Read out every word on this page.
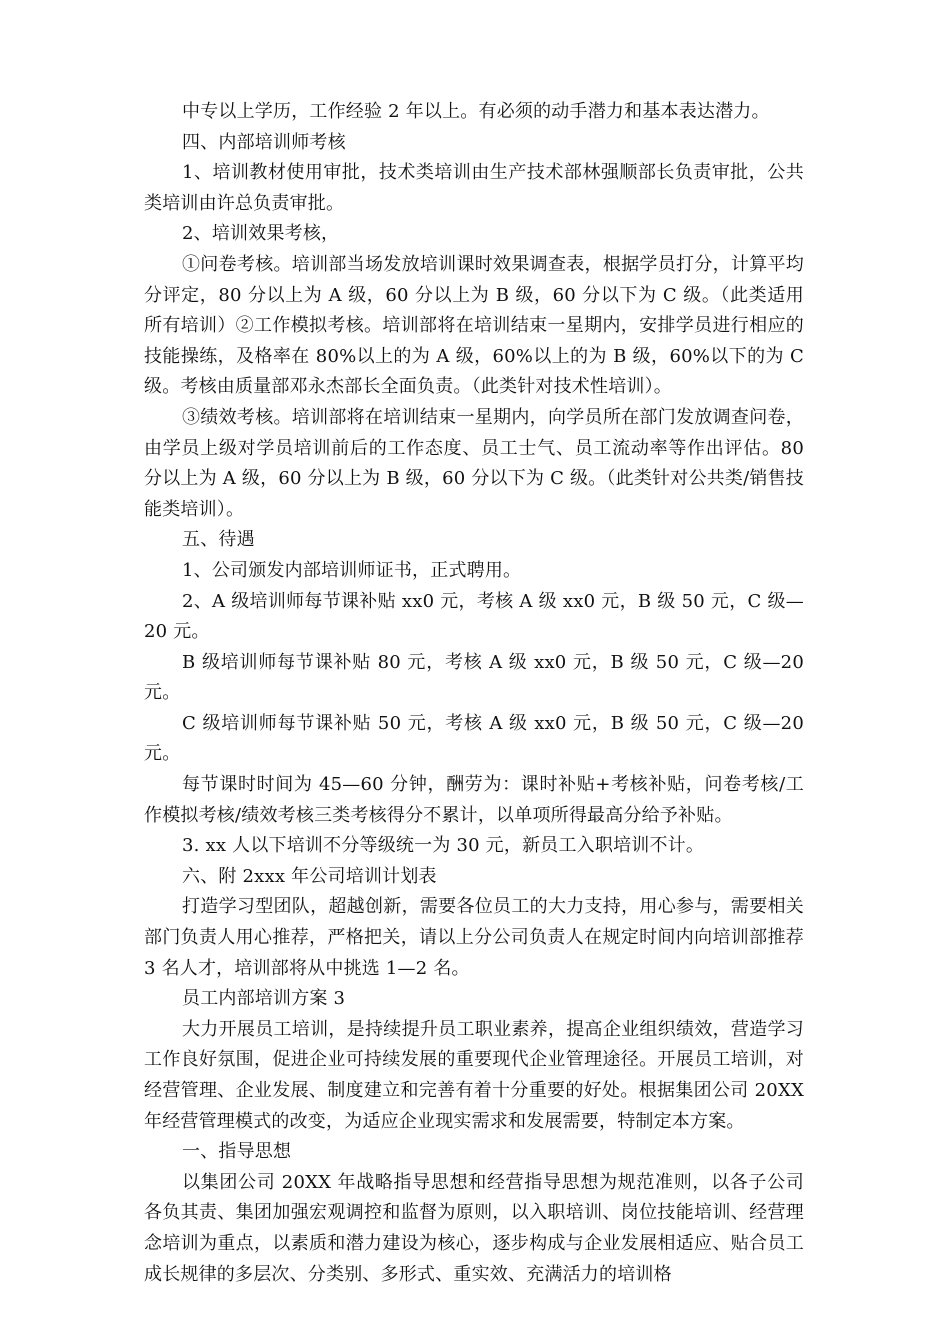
中专以上学历，工作经验 2 年以上。有必须的动手潜力和基本表达潜力。

四、内部培训师考核

1、培训教材使用审批，技术类培训由生产技术部林强顺部长负责审批，公共类培训由许总负责审批。

2、培训效果考核，

①问卷考核。培训部当场发放培训课时效果调查表，根据学员打分，计算平均分评定，80 分以上为 A 级，60 分以上为 B 级，60 分以下为 C 级。（此类适用所有培训）②工作模拟考核。培训部将在培训结束一星期内，安排学员进行相应的技能操练，及格率在 80%以上的为 A 级，60%以上的为 B 级，60%以下的为 C 级。考核由质量部邓永杰部长全面负责。（此类针对技术性培训）。

③绩效考核。培训部将在培训结束一星期内，向学员所在部门发放调查问卷，由学员上级对学员培训前后的工作态度、员工士气、员工流动率等作出评估。80 分以上为 A 级，60 分以上为 B 级，60 分以下为 C 级。（此类针对公共类/销售技能类培训）。

五、待遇

1、公司颁发内部培训师证书，正式聘用。

2、A 级培训师每节课补贴 xx0 元，考核 A 级 xx0 元，B 级 50 元，C 级—20 元。

B 级培训师每节课补贴 80 元，考核 A 级 xx0 元，B 级 50 元，C 级—20 元。

C 级培训师每节课补贴 50 元，考核 A 级 xx0 元，B 级 50 元，C 级—20 元。

每节课时时间为 45—60 分钟，酬劳为：课时补贴+考核补贴，问卷考核/工作模拟考核/绩效考核三类考核得分不累计，以单项所得最高分给予补贴。

3. xx 人以下培训不分等级统一为 30 元，新员工入职培训不计。

六、附 2xxx 年公司培训计划表

打造学习型团队，超越创新，需要各位员工的大力支持，用心参与，需要相关部门负责人用心推荐，严格把关，请以上分公司负责人在规定时间内向培训部推荐 3 名人才，培训部将从中挑选 1—2 名。

员工内部培训方案 3

大力开展员工培训，是持续提升员工职业素养，提高企业组织绩效，营造学习工作良好氛围，促进企业可持续发展的重要现代企业管理途径。开展员工培训，对经营管理、企业发展、制度建立和完善有着十分重要的好处。根据集团公司 20XX 年经营管理模式的改变，为适应企业现实需求和发展需要，特制定本方案。

一、指导思想

以集团公司 20XX 年战略指导思想和经营指导思想为规范准则，以各子公司各负其责、集团加强宏观调控和监督为原则，以入职培训、岗位技能培训、经营理念培训为重点，以素质和潜力建设为核心，逐步构成与企业发展相适应、贴合员工成长规律的多层次、分类别、多形式、重实效、充满活力的培训格
